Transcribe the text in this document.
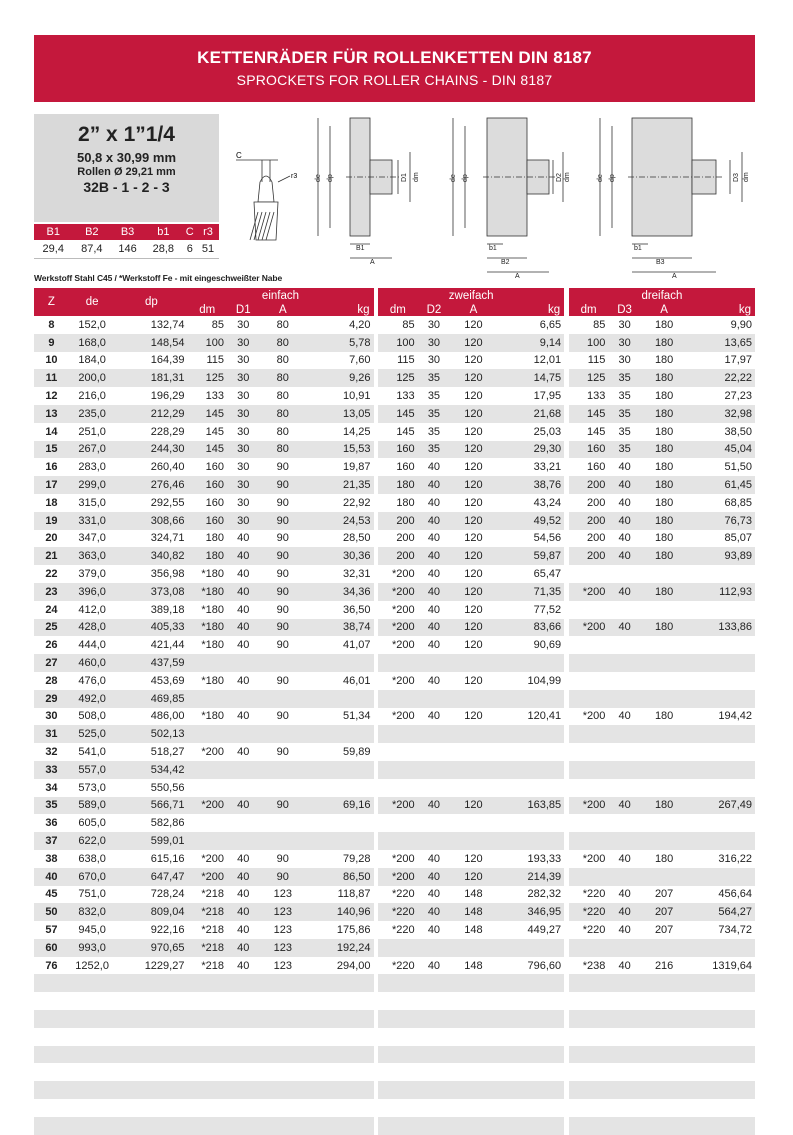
KETTENRÄDER FÜR ROLLENKETTEN DIN 8187
SPROCKETS FOR ROLLER CHAINS - DIN 8187
2” x 1”1/4
50,8 x 30,99 mm
Rollen Ø 29,21 mm
32B - 1 - 2 - 3
B1	B2	B3	b1	C	r3
29,4	87,4	146	28,8	6	51
C
r3	de dp	D1 dm
B1
A
de dp	D2 dm
b1
B2
A
de dp	D3 dm
b1
B3
A
Werkstoff Stahl C45 / *Werkstoff Fe - mit eingeschweißter Nabe
Z	de	dp	einfach					zweifach					dreifach			
			dm	D1	A	kg		dm	D2	A	kg		dm	D3	A	kg
8	152,0	132,74	85	30	80	4,20		85	30	120	6,65		85	30	180	9,90
9	168,0	148,54	100	30	80	5,78		100	30	120	9,14		100	30	180	13,65
10	184,0	164,39	115	30	80	7,60		115	30	120	12,01		115	30	180	17,97
11	200,0	181,31	125	30	80	9,26		125	35	120	14,75		125	35	180	22,22
12	216,0	196,29	133	30	80	10,91		133	35	120	17,95		133	35	180	27,23
13	235,0	212,29	145	30	80	13,05		145	35	120	21,68		145	35	180	32,98
14	251,0	228,29	145	30	80	14,25		145	35	120	25,03		145	35	180	38,50
15	267,0	244,30	145	30	80	15,53		160	35	120	29,30		160	35	180	45,04
16	283,0	260,40	160	30	90	19,87		160	40	120	33,21		160	40	180	51,50
17	299,0	276,46	160	30	90	21,35		180	40	120	38,76		200	40	180	61,45
18	315,0	292,55	160	30	90	22,92		180	40	120	43,24		200	40	180	68,85
19	331,0	308,66	160	30	90	24,53		200	40	120	49,52		200	40	180	76,73
20	347,0	324,71	180	40	90	28,50		200	40	120	54,56		200	40	180	85,07
21	363,0	340,82	180	40	90	30,36		200	40	120	59,87		200	40	180	93,89
22	379,0	356,98	*180	40	90	32,31		*200	40	120	65,47					
23	396,0	373,08	*180	40	90	34,36		*200	40	120	71,35		*200	40	180	112,93
24	412,0	389,18	*180	40	90	36,50		*200	40	120	77,52					
25	428,0	405,33	*180	40	90	38,74		*200	40	120	83,66		*200	40	180	133,86
26	444,0	421,44	*180	40	90	41,07		*200	40	120	90,69					
27	460,0	437,59														
28	476,0	453,69	*180	40	90	46,01		*200	40	120	104,99					
29	492,0	469,85														
30	508,0	486,00	*180	40	90	51,34		*200	40	120	120,41		*200	40	180	194,42
31	525,0	502,13														
32	541,0	518,27	*200	40	90	59,89										
33	557,0	534,42														
34	573,0	550,56														
35	589,0	566,71	*200	40	90	69,16		*200	40	120	163,85		*200	40	180	267,49
36	605,0	582,86														
37	622,0	599,01														
38	638,0	615,16	*200	40	90	79,28		*200	40	120	193,33		*200	40	180	316,22
40	670,0	647,47	*200	40	90	86,50		*200	40	120	214,39					
45	751,0	728,24	*218	40	123	118,87		*220	40	148	282,32		*220	40	207	456,64
50	832,0	809,04	*218	40	123	140,96		*220	40	148	346,95		*220	40	207	564,27
57	945,0	922,16	*218	40	123	175,86		*220	40	148	449,27		*220	40	207	734,72
60	993,0	970,65	*218	40	123	192,24										
76	1252,0	1229,27	*218	40	123	294,00		*220	40	148	796,60		*238	40	216	1319,64
